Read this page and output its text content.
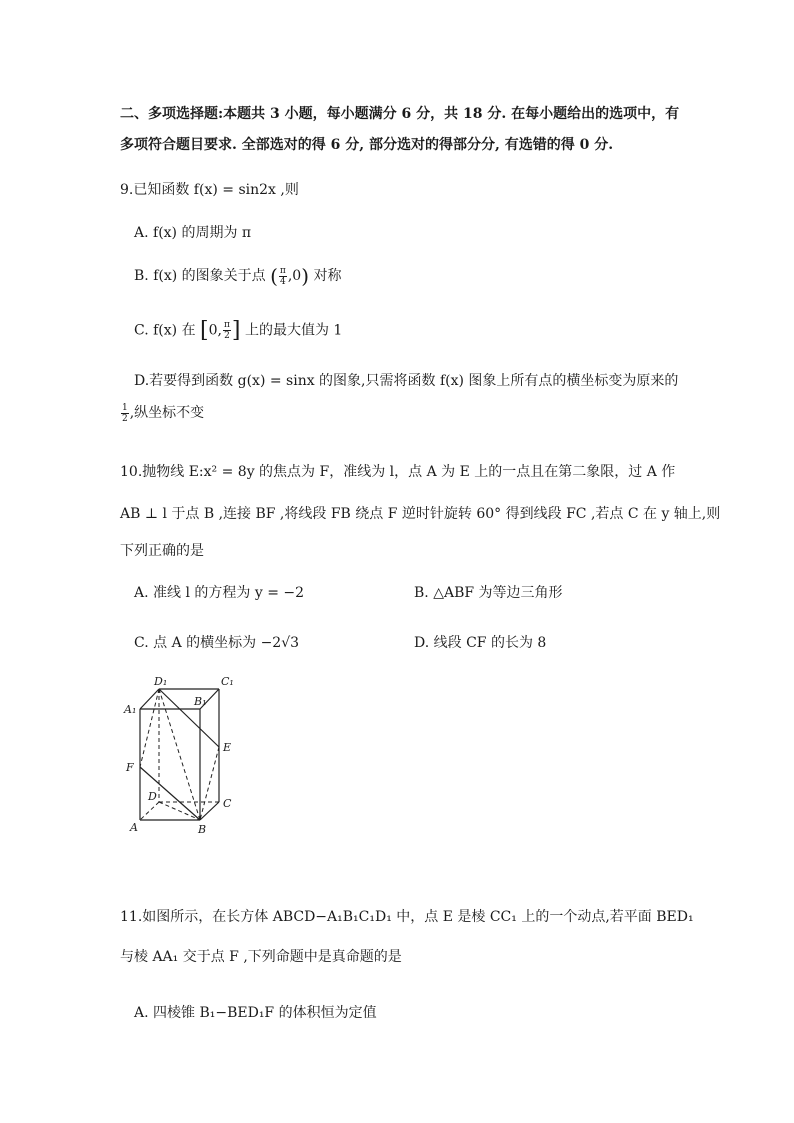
二、多项选择题:本题共 3 小题，每小题满分 6 分，共 18 分. 在每小题给出的选项中，有
多项符合题目要求. 全部选对的得 6 分, 部分选对的得部分分, 有选错的得 0 分.
9.已知函数 f(x) = sin2x ,则
A. f(x) 的周期为 π
B. f(x) 的图象关于点 ( $\frac{\pi}{4} ,0$) 对称
C. f(x) 在 [0, $\frac{\pi}{2}$ ] 上的最大值为 1
D.若要得到函数 g(x) = sinx 的图象,只需将函数 f(x) 图象上所有点的横坐标变为原来的
$\frac{1}{2}$ ,纵坐标不变
10.抛物线 E:x² = 8y 的焦点为 F，准线为 l，点 A 为 E 上的一点且在第二象限，过 A 作
AB ⊥ l 于点 B ,连接 BF ,将线段 FB 绕点 F 逆时针旋转 60° 得到线段 FC ,若点 C 在 y 轴上,则
下列正确的是
A. 准线 l 的方程为 y = −2	B. △ABF 为等边三角形
C. 点 A 的横坐标为 −2√3	D. 线段 CF 的长为 8
D₁	C₁
A₁
B₁
E
F
D
C
A	B
11.如图所示，在长方体 ABCD−A₁B₁C₁D₁ 中，点 E 是棱 CC₁ 上的一个动点,若平面 BED₁
与棱 AA₁ 交于点 F ,下列命题中是真命题的是
A. 四棱锥 B₁−BED₁F 的体积恒为定值
